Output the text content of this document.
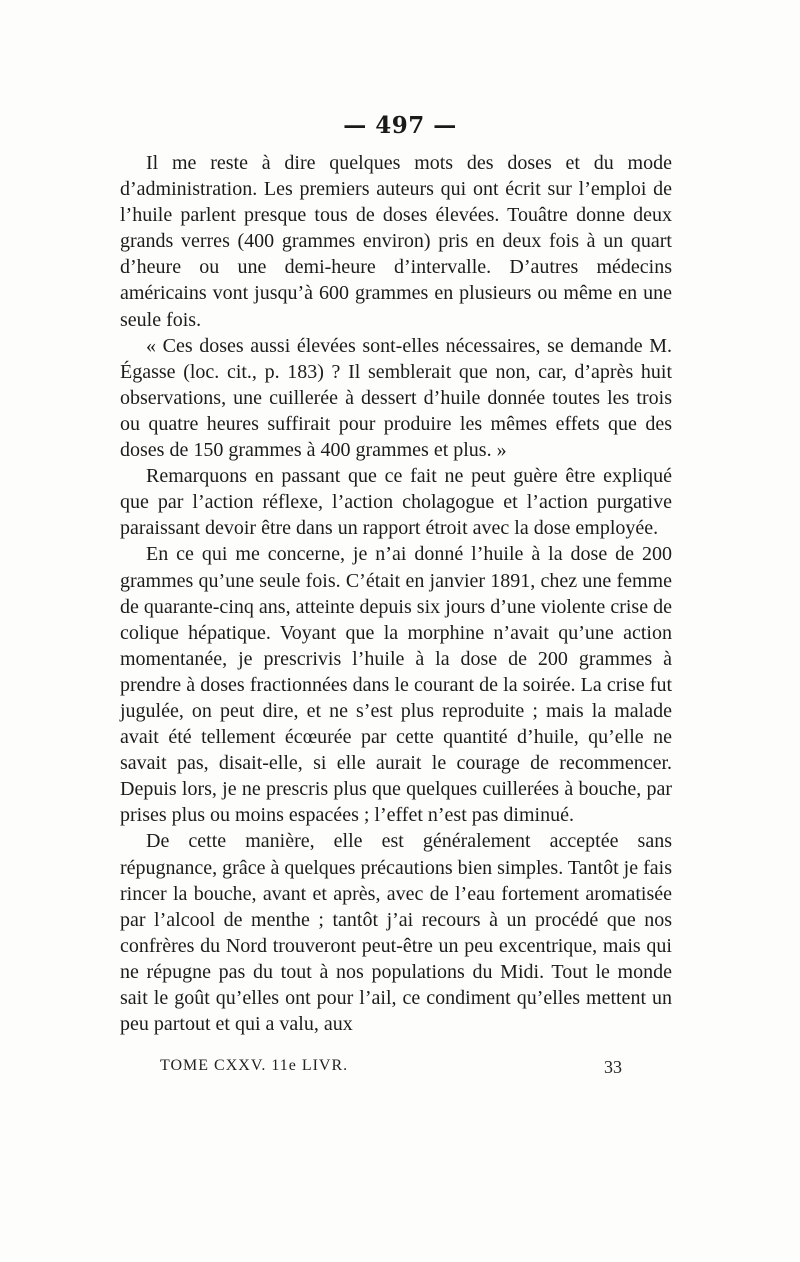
— 497 —

Il me reste à dire quelques mots des doses et du mode d’administration. Les premiers auteurs qui ont écrit sur l’emploi de l’huile parlent presque tous de doses élevées. Touâtre donne deux grands verres (400 grammes environ) pris en deux fois à un quart d’heure ou une demi-heure d’intervalle. D’autres médecins américains vont jusqu’à 600 grammes en plusieurs ou même en une seule fois.

« Ces doses aussi élevées sont-elles nécessaires, se demande M. Égasse (loc. cit., p. 183) ? Il semblerait que non, car, d’après huit observations, une cuillerée à dessert d’huile donnée toutes les trois ou quatre heures suffirait pour produire les mêmes effets que des doses de 150 grammes à 400 grammes et plus. »

Remarquons en passant que ce fait ne peut guère être expliqué que par l’action réflexe, l’action cholagogue et l’action purgative paraissant devoir être dans un rapport étroit avec la dose employée.

En ce qui me concerne, je n’ai donné l’huile à la dose de 200 grammes qu’une seule fois. C’était en janvier 1891, chez une femme de quarante-cinq ans, atteinte depuis six jours d’une violente crise de colique hépatique. Voyant que la morphine n’avait qu’une action momentanée, je prescrivis l’huile à la dose de 200 grammes à prendre à doses fractionnées dans le courant de la soirée. La crise fut jugulée, on peut dire, et ne s’est plus reproduite ; mais la malade avait été tellement écœurée par cette quantité d’huile, qu’elle ne savait pas, disait-elle, si elle aurait le courage de recommencer. Depuis lors, je ne prescris plus que quelques cuillerées à bouche, par prises plus ou moins espacées ; l’effet n’est pas diminué.

De cette manière, elle est généralement acceptée sans répugnance, grâce à quelques précautions bien simples. Tantôt je fais rincer la bouche, avant et après, avec de l’eau fortement aromatisée par l’alcool de menthe ; tantôt j’ai recours à un procédé que nos confrères du Nord trouveront peut-être un peu excentrique, mais qui ne répugne pas du tout à nos populations du Midi. Tout le monde sait le goût qu’elles ont pour l’ail, ce condiment qu’elles mettent un peu partout et qui a valu, aux

TOME CXXV. 11e LIVR.	33
